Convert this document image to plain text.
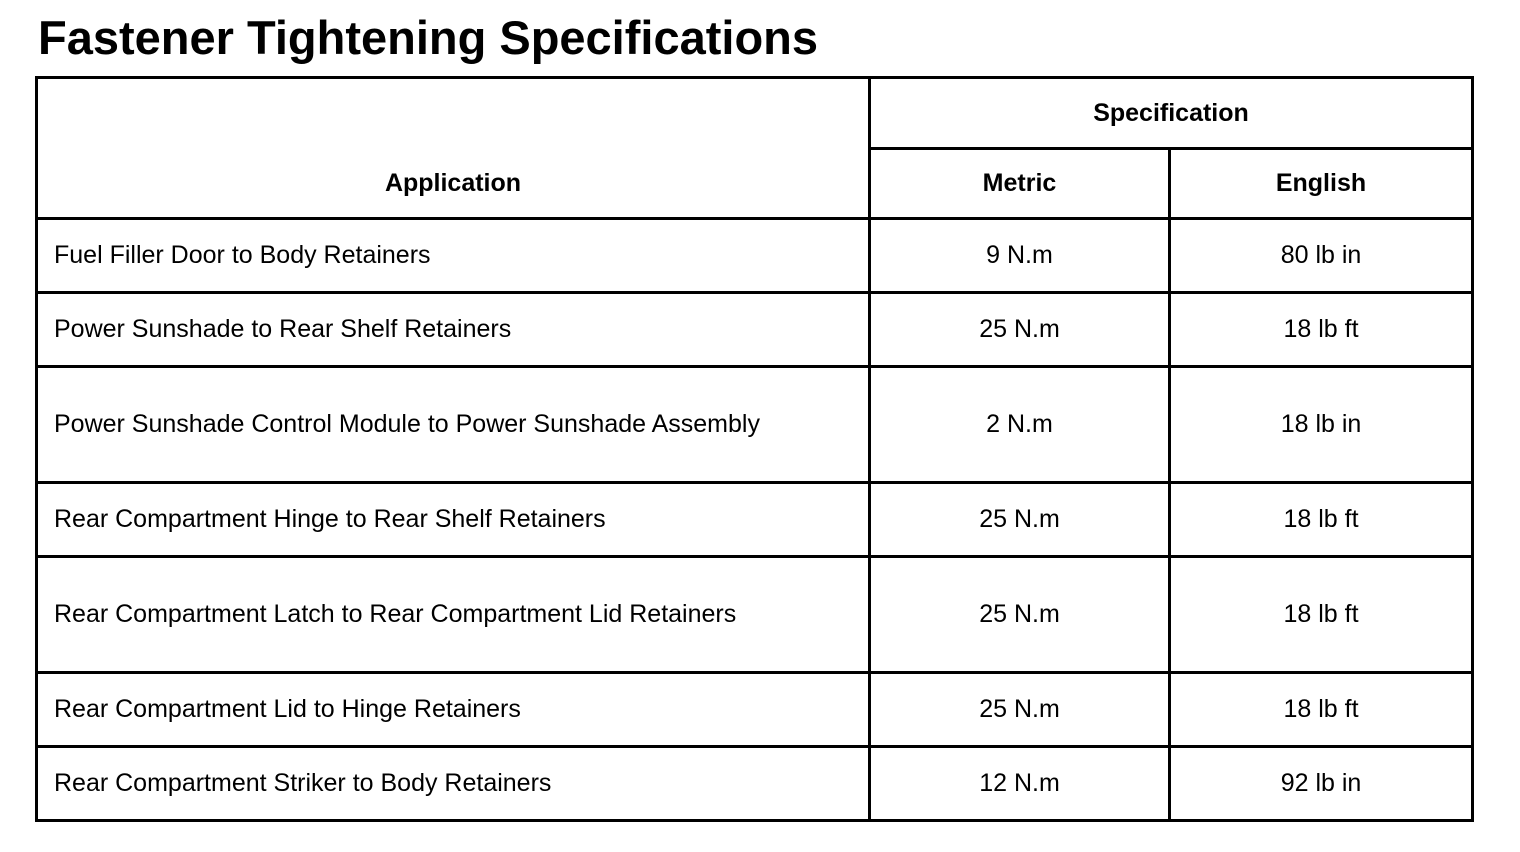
Fastener Tightening Specifications
Application	Specification	
	Metric	English
Fuel Filler Door to Body Retainers	9 N.m	80 lb in
Power Sunshade to Rear Shelf Retainers	25 N.m	18 lb ft
Power Sunshade Control Module to Power Sunshade Assembly	2 N.m	18 lb in
Rear Compartment Hinge to Rear Shelf Retainers	25 N.m	18 lb ft
Rear Compartment Latch to Rear Compartment Lid Retainers	25 N.m	18 lb ft
Rear Compartment Lid to Hinge Retainers	25 N.m	18 lb ft
Rear Compartment Striker to Body Retainers	12 N.m	92 lb in
